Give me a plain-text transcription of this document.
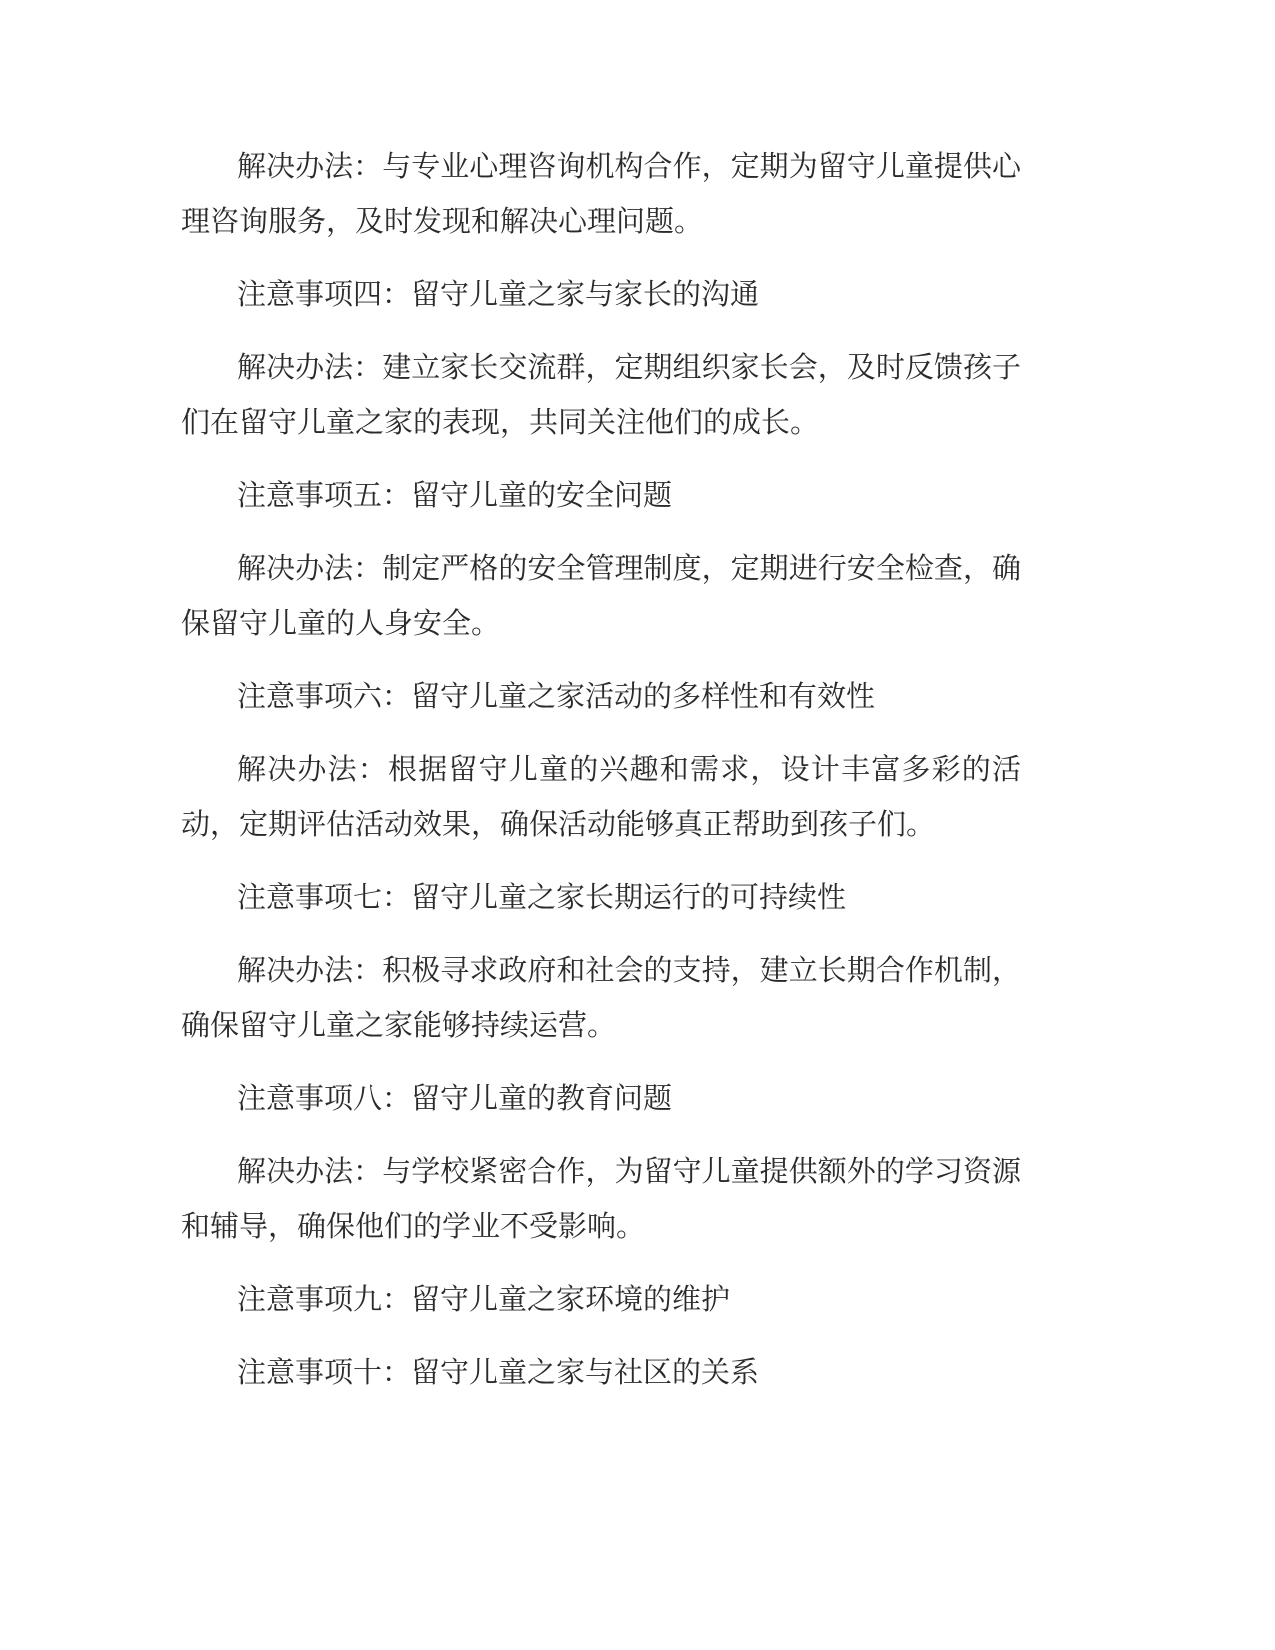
解决办法：与专业心理咨询机构合作，定期为留守儿童提供心理咨询服务，及时发现和解决心理问题。

注意事项四：留守儿童之家与家长的沟通

解决办法：建立家长交流群，定期组织家长会，及时反馈孩子们在留守儿童之家的表现，共同关注他们的成长。

注意事项五：留守儿童的安全问题

解决办法：制定严格的安全管理制度，定期进行安全检查，确保留守儿童的人身安全。

注意事项六：留守儿童之家活动的多样性和有效性

解决办法：根据留守儿童的兴趣和需求，设计丰富多彩的活动，定期评估活动效果，确保活动能够真正帮助到孩子们。

注意事项七：留守儿童之家长期运行的可持续性

解决办法：积极寻求政府和社会的支持，建立长期合作机制，确保留守儿童之家能够持续运营。

注意事项八：留守儿童的教育问题

解决办法：与学校紧密合作，为留守儿童提供额外的学习资源和辅导，确保他们的学业不受影响。

注意事项九：留守儿童之家环境的维护

注意事项十：留守儿童之家与社区的关系
